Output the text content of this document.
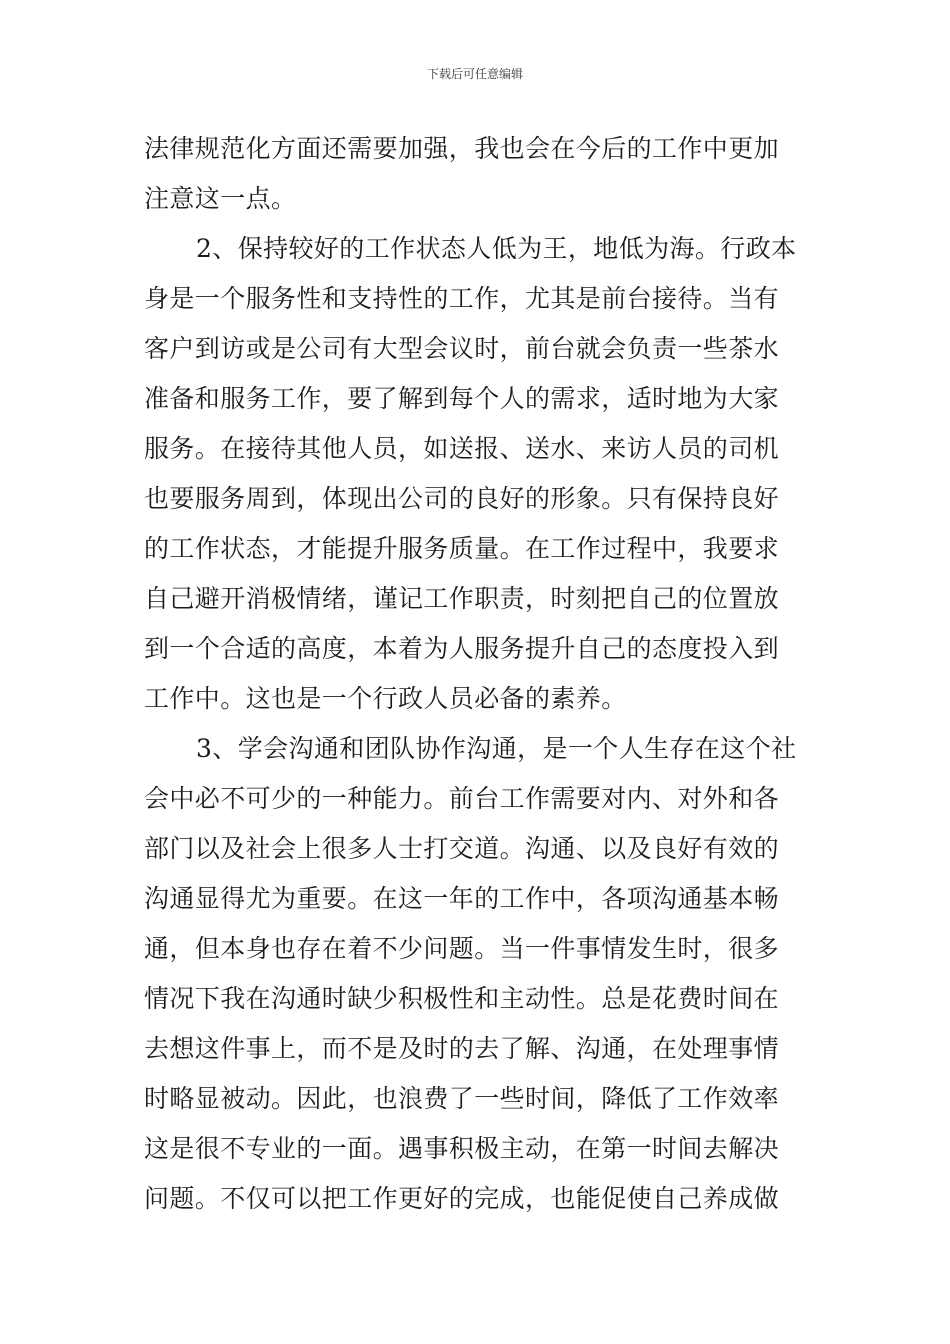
下载后可任意编辑
法律规范化方面还需要加强，我也会在今后的工作中更加
注意这一点。
2、保持较好的工作状态人低为王，地低为海。行政本
身是一个服务性和支持性的工作，尤其是前台接待。当有
客户到访或是公司有大型会议时，前台就会负责一些茶水
准备和服务工作，要了解到每个人的需求，适时地为大家
服务。在接待其他人员，如送报、送水、来访人员的司机
也要服务周到，体现出公司的良好的形象。只有保持良好
的工作状态，才能提升服务质量。在工作过程中，我要求
自己避开消极情绪，谨记工作职责，时刻把自己的位置放
到一个合适的高度，本着为人服务提升自己的态度投入到
工作中。这也是一个行政人员必备的素养。
3、学会沟通和团队协作沟通，是一个人生存在这个社
会中必不可少的一种能力。前台工作需要对内、对外和各
部门以及社会上很多人士打交道。沟通、以及良好有效的
沟通显得尤为重要。在这一年的工作中，各项沟通基本畅
通，但本身也存在着不少问题。当一件事情发生时，很多
情况下我在沟通时缺少积极性和主动性。总是花费时间在
去想这件事上，而不是及时的去了解、沟通，在处理事情
时略显被动。因此，也浪费了一些时间，降低了工作效率
这是很不专业的一面。遇事积极主动，在第一时间去解决
问题。不仅可以把工作更好的完成，也能促使自己养成做
